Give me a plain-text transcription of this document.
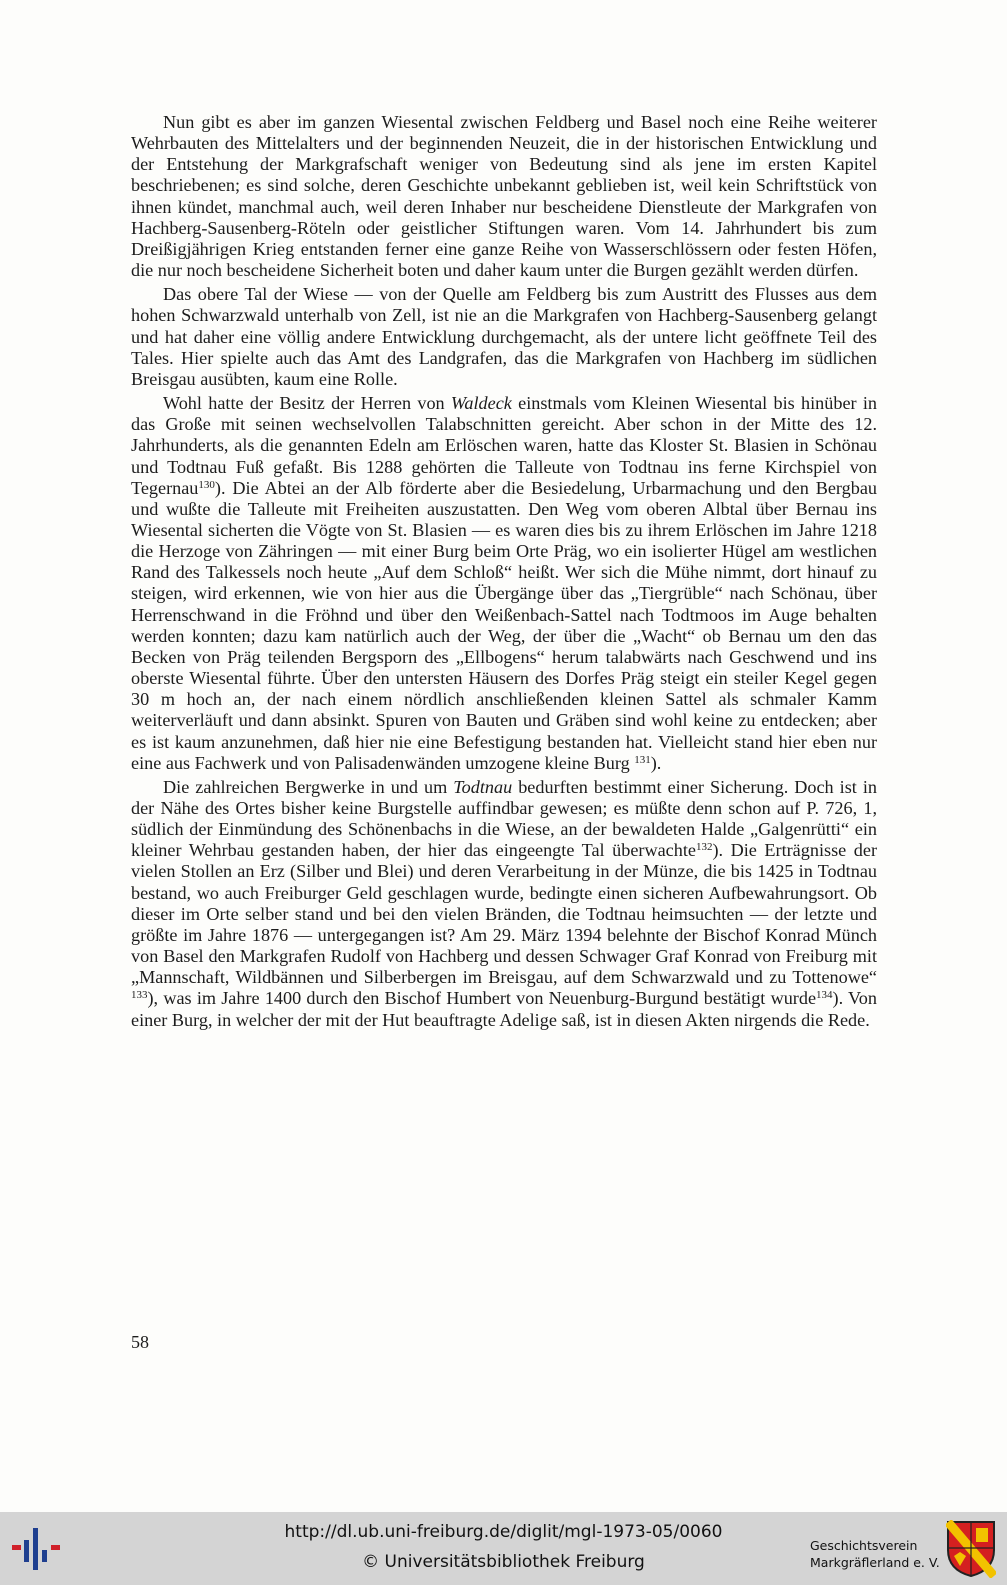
Nun gibt es aber im ganzen Wiesental zwischen Feldberg und Basel noch eine Reihe weiterer Wehrbauten des Mittelalters und der beginnenden Neuzeit, die in der historischen Entwicklung und der Entstehung der Markgrafschaft weniger von Bedeutung sind als jene im ersten Kapitel beschriebenen; es sind solche, deren Geschichte unbekannt geblieben ist, weil kein Schriftstück von ihnen kündet, manchmal auch, weil deren Inhaber nur bescheidene Dienstleute der Markgrafen von Hachberg-Sausenberg-Röteln oder geistlicher Stiftungen waren. Vom 14. Jahrhundert bis zum Dreißigjährigen Krieg entstanden ferner eine ganze Reihe von Wasserschlössern oder festen Höfen, die nur noch bescheidene Sicherheit boten und daher kaum unter die Burgen gezählt werden dürfen.

Das obere Tal der Wiese — von der Quelle am Feldberg bis zum Austritt des Flusses aus dem hohen Schwarzwald unterhalb von Zell, ist nie an die Markgrafen von Hachberg-Sausenberg gelangt und hat daher eine völlig andere Entwicklung durchgemacht, als der untere licht geöffnete Teil des Tales. Hier spielte auch das Amt des Landgrafen, das die Markgrafen von Hachberg im südlichen Breisgau ausübten, kaum eine Rolle.

Wohl hatte der Besitz der Herren von Waldeck einstmals vom Kleinen Wiesental bis hinüber in das Große mit seinen wechselvollen Talabschnitten gereicht. Aber schon in der Mitte des 12. Jahrhunderts, als die genannten Edeln am Erlöschen waren, hatte das Kloster St. Blasien in Schönau und Todtnau Fuß gefaßt. Bis 1288 gehörten die Talleute von Todtnau ins ferne Kirchspiel von Tegernau$^{130}$). Die Abtei an der Alb förderte aber die Besiedelung, Urbarmachung und den Bergbau und wußte die Talleute mit Freiheiten auszustatten. Den Weg vom oberen Albtal über Bernau ins Wiesental sicherten die Vögte von St. Blasien — es waren dies bis zu ihrem Erlöschen im Jahre 1218 die Herzoge von Zähringen — mit einer Burg beim Orte Präg, wo ein isolierter Hügel am westlichen Rand des Talkessels noch heute „Auf dem Schloß“ heißt. Wer sich die Mühe nimmt, dort hinauf zu steigen, wird erkennen, wie von hier aus die Übergänge über das „Tiergrüble“ nach Schönau, über Herrenschwand in die Fröhnd und über den Weißenbach-Sattel nach Todtmoos im Auge behalten werden konnten; dazu kam natürlich auch der Weg, der über die „Wacht“ ob Bernau um den das Becken von Präg teilenden Bergsporn des „Ellbogens“ herum talabwärts nach Geschwend und ins oberste Wiesental führte. Über den untersten Häusern des Dorfes Präg steigt ein steiler Kegel gegen 30 m hoch an, der nach einem nördlich anschließenden kleinen Sattel als schmaler Kamm weiterverläuft und dann absinkt. Spuren von Bauten und Gräben sind wohl keine zu entdecken; aber es ist kaum anzunehmen, daß hier nie eine Befestigung bestanden hat. Vielleicht stand hier eben nur eine aus Fachwerk und von Palisadenwänden umzogene kleine Burg $^{131}$).

Die zahlreichen Bergwerke in und um Todtnau bedurften bestimmt einer Sicherung. Doch ist in der Nähe des Ortes bisher keine Burgstelle auffindbar gewesen; es müßte denn schon auf P. 726, 1, südlich der Einmündung des Schönenbachs in die Wiese, an der bewaldeten Halde „Galgenrütti“ ein kleiner Wehrbau gestanden haben, der hier das eingeengte Tal überwachte$^{132}$). Die Erträgnisse der vielen Stollen an Erz (Silber und Blei) und deren Verarbeitung in der Münze, die bis 1425 in Todtnau bestand, wo auch Freiburger Geld geschlagen wurde, bedingte einen sicheren Aufbewahrungsort. Ob dieser im Orte selber stand und bei den vielen Bränden, die Todtnau heimsuchten — der letzte und größte im Jahre 1876 — untergegangen ist? Am 29. März 1394 belehnte der Bischof Konrad Münch von Basel den Markgrafen Rudolf von Hachberg und dessen Schwager Graf Konrad von Freiburg mit „Mannschaft, Wildbännen und Silberbergen im Breisgau, auf dem Schwarzwald und zu Tottenowe“ $^{133}$), was im Jahre 1400 durch den Bischof Humbert von Neuenburg-Burgund bestätigt wurde$^{134}$). Von einer Burg, in welcher der mit der Hut beauftragte Adelige saß, ist in diesen Akten nirgends die Rede.

58
http://dl.ub.uni-freiburg.de/diglit/mgl-1973-05/0060
© Universitätsbibliothek Freiburg
Geschichtsverein
Markgräflerland e. V.
